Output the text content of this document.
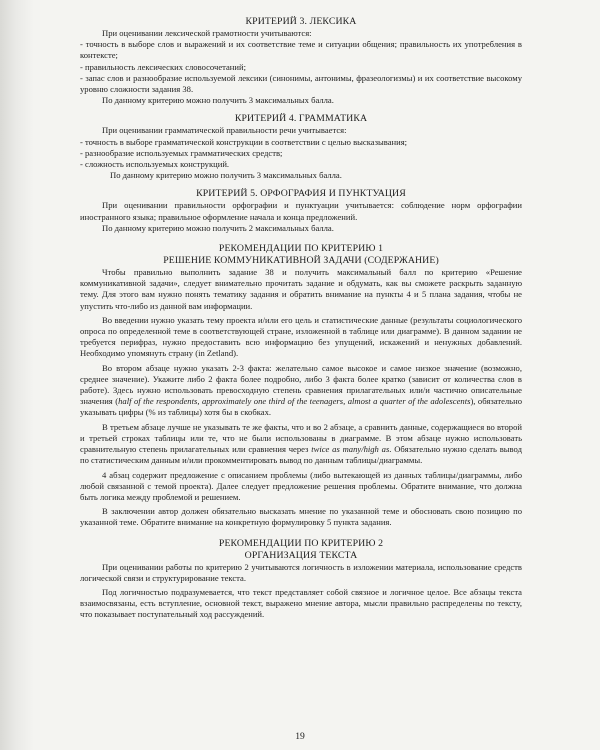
КРИТЕРИЙ 3. ЛЕКСИКА

При оценивании лексической грамотности учитываются:

- точность в выборе слов и выражений и их соответствие теме и ситуации общения; правильность их употребления в контексте;

- правильность лексических словосочетаний;

- запас слов и разнообразие используемой лексики (синонимы, антонимы, фразеологизмы) и их соответствие высокому уровню сложности задания 38.

По данному критерию можно получить 3 максимальных балла.

КРИТЕРИЙ 4. ГРАММАТИКА

При оценивании грамматической правильности речи учитывается:

- точность в выборе грамматической конструкции в соответствии с целью высказывания;

- разнообразие используемых грамматических средств;

- сложность используемых конструкций.

По данному критерию можно получить 3 максимальных балла.

КРИТЕРИЙ 5. ОРФОГРАФИЯ И ПУНКТУАЦИЯ

При оценивании правильности орфографии и пунктуации учитывается: соблюдение норм орфографии иностранного языка; правильное оформление начала и конца предложений.

По данному критерию можно получить 2 максимальных балла.

РЕКОМЕНДАЦИИ ПО КРИТЕРИЮ 1
РЕШЕНИЕ КОММУНИКАТИВНОЙ ЗАДАЧИ (СОДЕРЖАНИЕ)

Чтобы правильно выполнить задание 38 и получить максимальный балл по критерию «Решение коммуникативной задачи», следует внимательно прочитать задание и обдумать, как вы сможете раскрыть заданную тему. Для этого вам нужно понять тематику задания и обратить внимание на пункты 4 и 5 плана задания, чтобы не упустить что-либо из данной вам информации.

Во введении нужно указать тему проекта и/или его цель и статистические данные (результаты социологического опроса по определенной теме в соответствующей стране, изложенной в таблице или диаграмме). В данном задании не требуется перифраз, нужно предоставить всю информацию без упущений, искажений и ненужных добавлений. Необходимо упомянуть страну (in Zetland).

Во втором абзаце нужно указать 2-3 факта: желательно самое высокое и самое низкое значение (возможно, среднее значение). Укажите либо 2 факта более подробно, либо 3 факта более кратко (зависит от количества слов в работе). Здесь нужно использовать превосходную степень сравнения прилагательных или/и частично описательные значения (half of the respondents, approximately one third of the teenagers, almost a quarter of the adolescents), обязательно указывать цифры (% из таблицы) хотя бы в скобках.

В третьем абзаце лучше не указывать те же факты, что и во 2 абзаце, а сравнить данные, содержащиеся во второй и третьей строках таблицы или те, что не были использованы в диаграмме. В этом абзаце нужно использовать сравнительную степень прилагательных или сравнения через twice as many/high as. Обязательно нужно сделать вывод по статистическим данным и/или прокомментировать вывод по данным таблицы/диаграммы.

4 абзац содержит предложение с описанием проблемы (либо вытекающей из данных таблицы/диаграммы, либо любой связанной с темой проекта). Далее следует предложение решения проблемы. Обратите внимание, что должна быть логика между проблемой и решением.

В заключении автор должен обязательно высказать мнение по указанной теме и обосновать свою позицию по указанной теме. Обратите внимание на конкретную формулировку 5 пункта задания.

РЕКОМЕНДАЦИИ ПО КРИТЕРИЮ 2
ОРГАНИЗАЦИЯ ТЕКСТА

При оценивании работы по критерию 2 учитываются логичность в изложении материала, использование средств логической связи и структурирование текста.

Под логичностью подразумевается, что текст представляет собой связное и логичное целое. Все абзацы текста взаимосвязаны, есть вступление, основной текст, выражено мнение автора, мысли правильно распределены по тексту, что показывает поступательный ход рассуждений.

19
